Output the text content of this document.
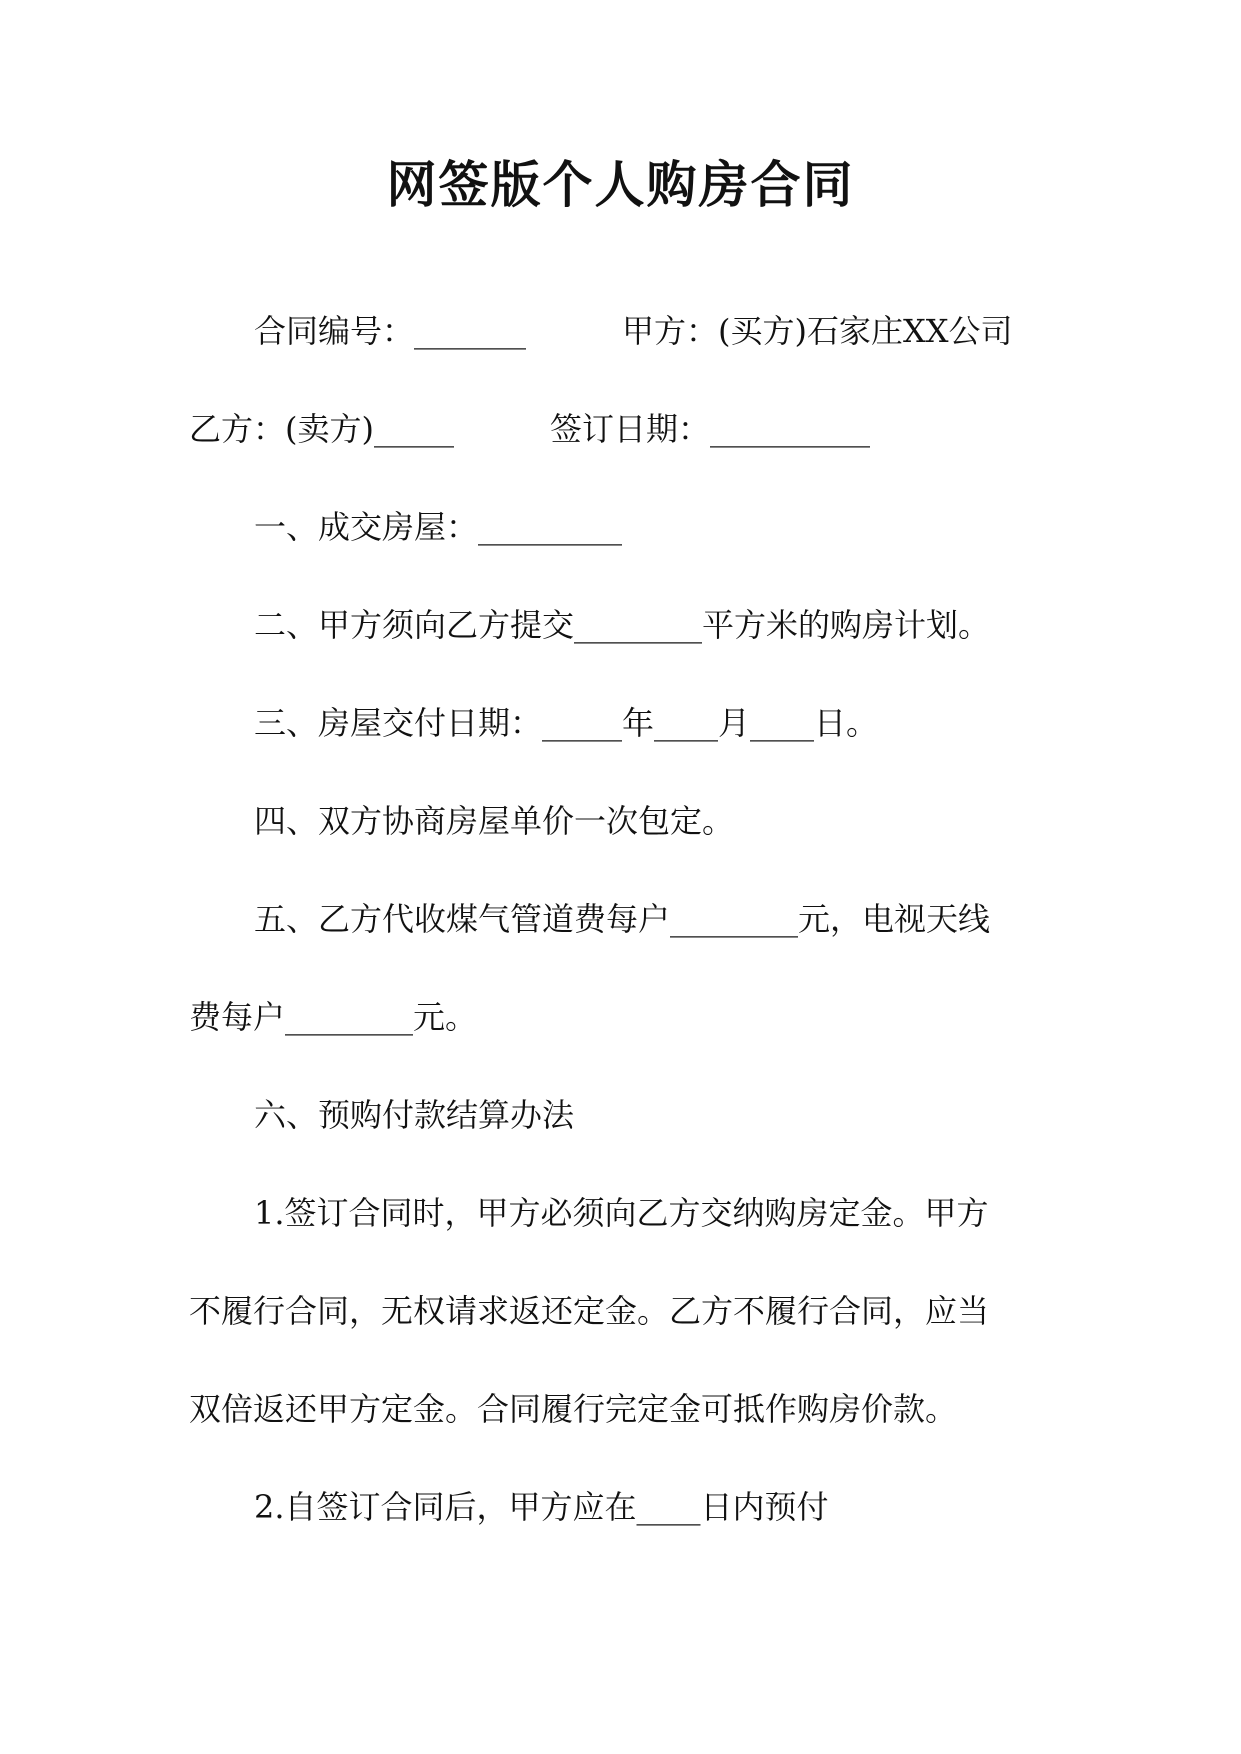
网签版个人购房合同
合同编号：_______　　　甲方：(买方)石家庄XX公司
乙方：(卖方)_____　　　签订日期：__________
一、成交房屋：_________
二、甲方须向乙方提交________平方米的购房计划。
三、房屋交付日期：_____年____月____日。
四、双方协商房屋单价一次包定。
五、乙方代收煤气管道费每户________元，电视天线
费每户________元。
六、预购付款结算办法
1.签订合同时，甲方必须向乙方交纳购房定金。甲方
不履行合同，无权请求返还定金。乙方不履行合同，应当
双倍返还甲方定金。合同履行完定金可抵作购房价款。
2.自签订合同后，甲方应在____日内预付
